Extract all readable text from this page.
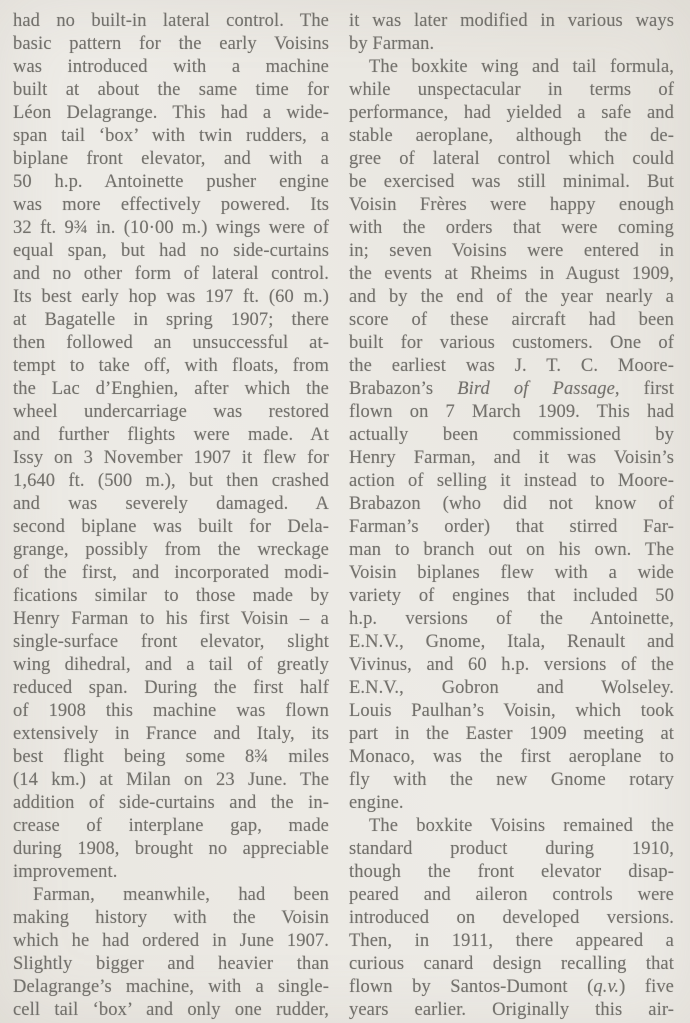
had no built-in lateral control. The
basic pattern for the early Voisins
was introduced with a machine
built at about the same time for
Léon Delagrange. This had a wide-
span tail ‘box’ with twin rudders, a
biplane front elevator, and with a
50 h.p. Antoinette pusher engine
was more effectively powered. Its
32 ft. 9¾ in. (10·00 m.) wings were of
equal span, but had no side-curtains
and no other form of lateral control.
Its best early hop was 197 ft. (60 m.)
at Bagatelle in spring 1907; there
then followed an unsuccessful at-
tempt to take off, with floats, from
the Lac d’Enghien, after which the
wheel undercarriage was restored
and further flights were made. At
Issy on 3 November 1907 it flew for
1,640 ft. (500 m.), but then crashed
and was severely damaged. A
second biplane was built for Dela-
grange, possibly from the wreckage
of the first, and incorporated modi-
fications similar to those made by
Henry Farman to his first Voisin – a
single-surface front elevator, slight
wing dihedral, and a tail of greatly
reduced span. During the first half
of 1908 this machine was flown
extensively in France and Italy, its
best flight being some 8¾ miles
(14 km.) at Milan on 23 June. The
addition of side-curtains and the in-
crease of interplane gap, made
during 1908, brought no appreciable
improvement.
Farman, meanwhile, had been
making history with the Voisin
which he had ordered in June 1907.
Slightly bigger and heavier than
Delagrange’s machine, with a single-
cell tail ‘box’ and only one rudder,
it was later modified in various ways
by Farman.
The boxkite wing and tail formula,
while unspectacular in terms of
performance, had yielded a safe and
stable aeroplane, although the de-
gree of lateral control which could
be exercised was still minimal. But
Voisin Frères were happy enough
with the orders that were coming
in; seven Voisins were entered in
the events at Rheims in August 1909,
and by the end of the year nearly a
score of these aircraft had been
built for various customers. One of
the earliest was J. T. C. Moore-
Brabazon’s Bird of Passage, first
flown on 7 March 1909. This had
actually been commissioned by
Henry Farman, and it was Voisin’s
action of selling it instead to Moore-
Brabazon (who did not know of
Farman’s order) that stirred Far-
man to branch out on his own. The
Voisin biplanes flew with a wide
variety of engines that included 50
h.p. versions of the Antoinette,
E.N.V., Gnome, Itala, Renault and
Vivinus, and 60 h.p. versions of the
E.N.V., Gobron and Wolseley.
Louis Paulhan’s Voisin, which took
part in the Easter 1909 meeting at
Monaco, was the first aeroplane to
fly with the new Gnome rotary
engine.
The boxkite Voisins remained the
standard product during 1910,
though the front elevator disap-
peared and aileron controls were
introduced on developed versions.
Then, in 1911, there appeared a
curious canard design recalling that
flown by Santos-Dumont (q.v.) five
years earlier. Originally this air-
